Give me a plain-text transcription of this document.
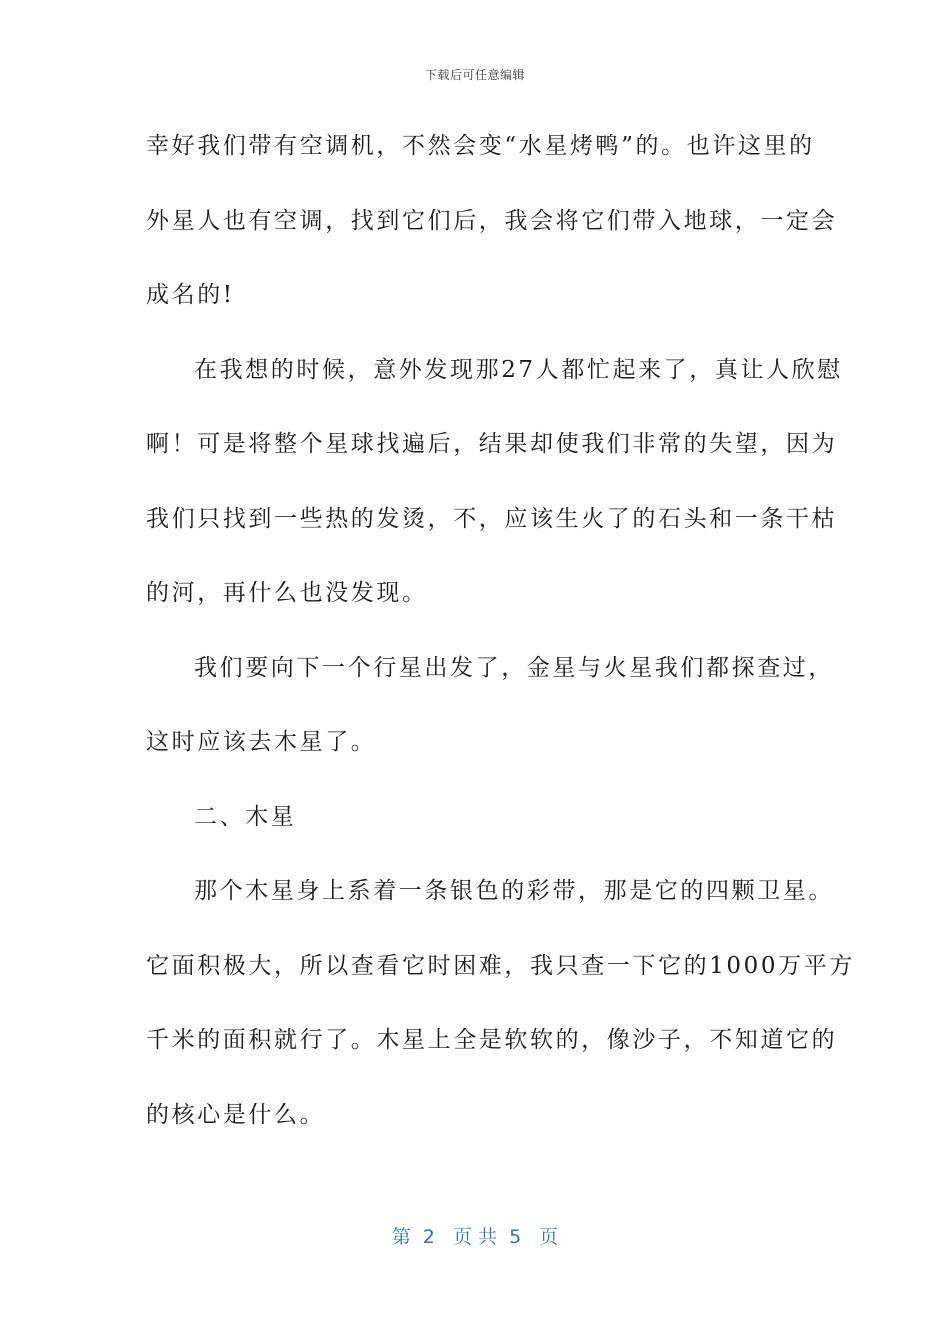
下载后可任意编辑
幸好我们带有空调机，不然会变“水星烤鸭”的。也许这里的
外星人也有空调，找到它们后，我会将它们带入地球，一定会
成名的!
在我想的时候，意外发现那27人都忙起来了，真让人欣慰
啊！可是将整个星球找遍后，结果却使我们非常的失望，因为
我们只找到一些热的发烫，不，应该生火了的石头和一条干枯
的河，再什么也没发现。
我们要向下一个行星出发了，金星与火星我们都探查过，
这时应该去木星了。
二、木星
那个木星身上系着一条银色的彩带，那是它的四颗卫星。
它面积极大，所以查看它时困难，我只查一下它的1000万平方
千米的面积就行了。木星上全是软软的，像沙子，不知道它的
的核心是什么。
第  2   页 共  5   页
